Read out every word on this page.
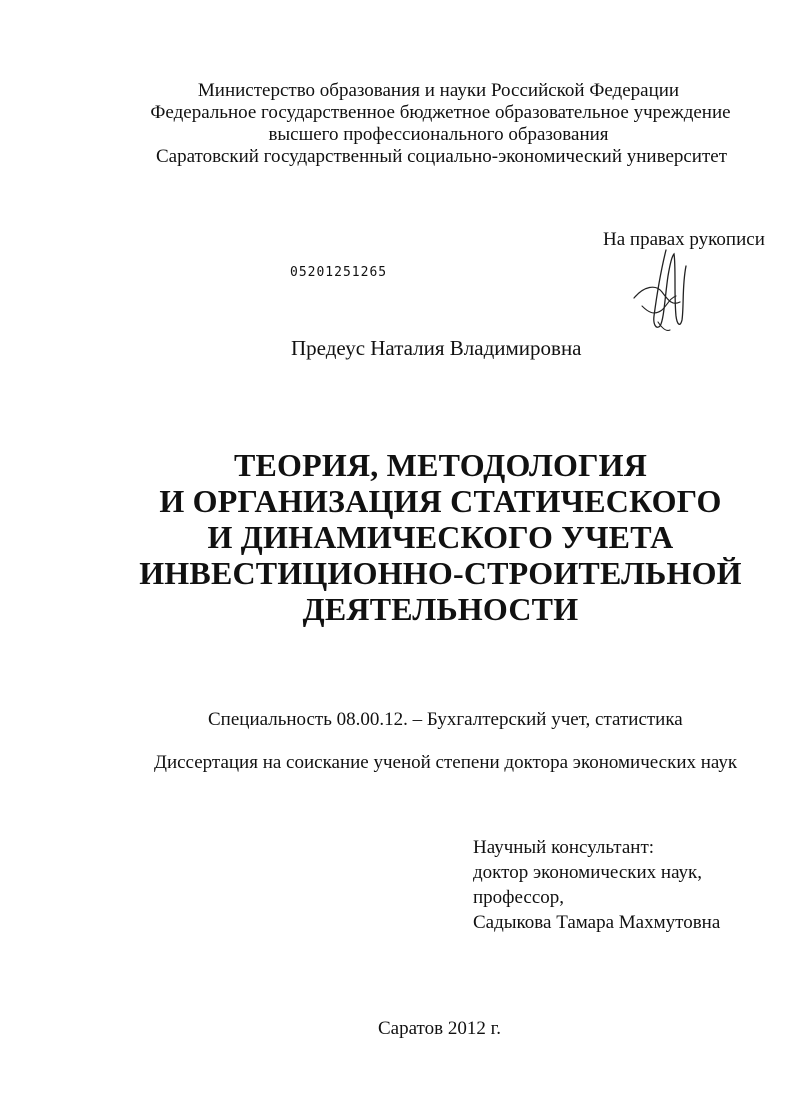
Министерство образования и науки Российской Федерации
Федеральное государственное бюджетное образовательное учреждение
высшего профессионального образования
Саратовский государственный социально-экономический университет
На правах рукописи
05201251265
Предеус Наталия Владимировна
ТЕОРИЯ, МЕТОДОЛОГИЯ
И ОРГАНИЗАЦИЯ СТАТИЧЕСКОГО
И ДИНАМИЧЕСКОГО УЧЕТА
ИНВЕСТИЦИОННО-СТРОИТЕЛЬНОЙ
ДЕЯТЕЛЬНОСТИ
Специальность 08.00.12. – Бухгалтерский учет, статистика
Диссертация на соискание ученой степени доктора экономических наук
Научный консультант:
доктор экономических наук,
профессор,
Садыкова Тамара Махмутовна
Саратов 2012 г.
